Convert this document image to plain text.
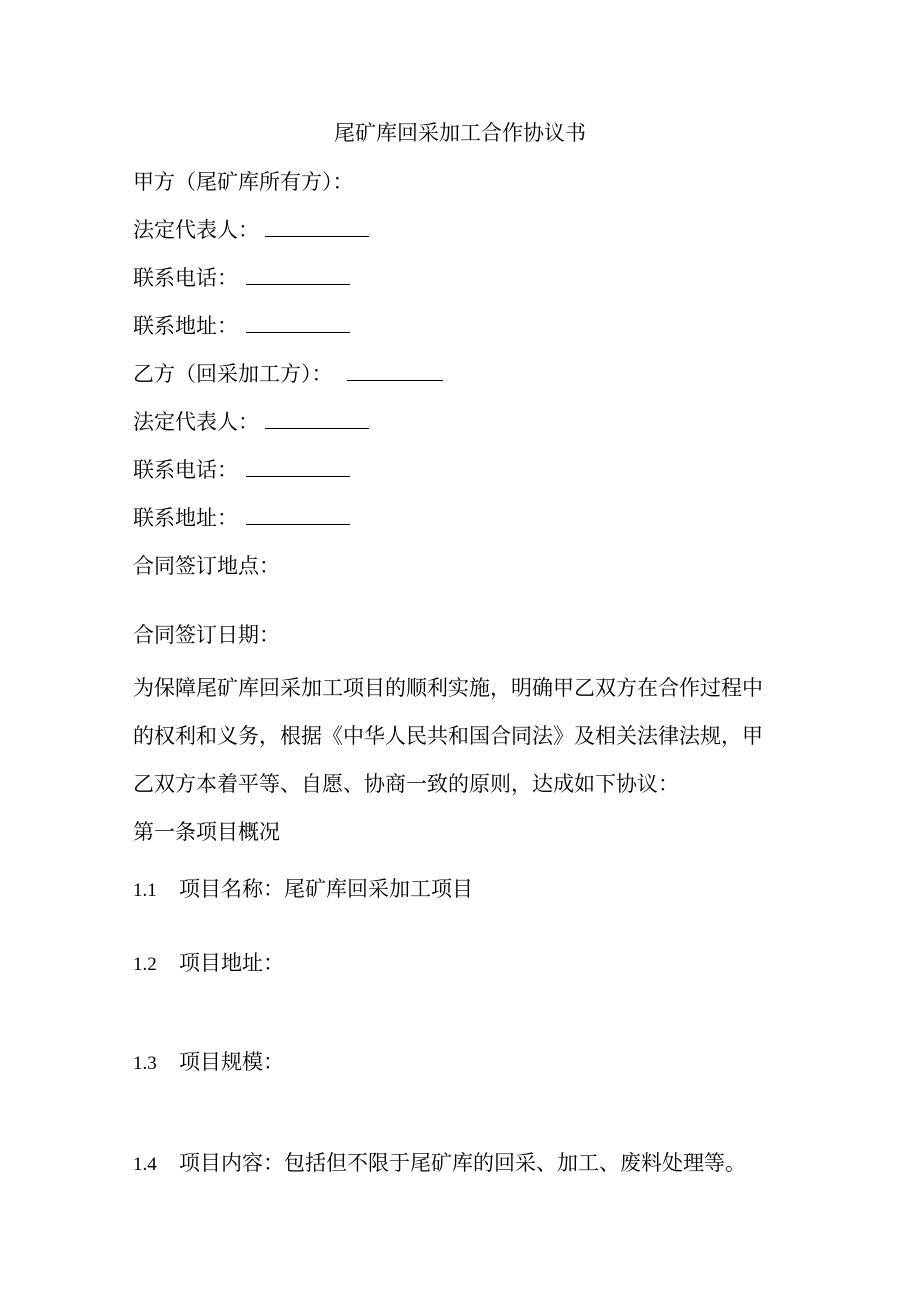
尾矿库回采加工合作协议书
甲方（尾矿库所有方）：
法定代表人：
联系电话：
联系地址：
乙方（回采加工方）：
法定代表人：
联系电话：
联系地址：
合同签订地点：
合同签订日期：
为保障尾矿库回采加工项目的顺利实施，明确甲乙双方在合作过程中
的权利和义务，根据《中华人民共和国合同法》及相关法律法规，甲
乙双方本着平等、自愿、协商一致的原则，达成如下协议：
第一条项目概况
1.1 项目名称：尾矿库回采加工项目
1.2 项目地址：
1.3 项目规模：
1.4 项目内容：包括但不限于尾矿库的回采、加工、废料处理等。
